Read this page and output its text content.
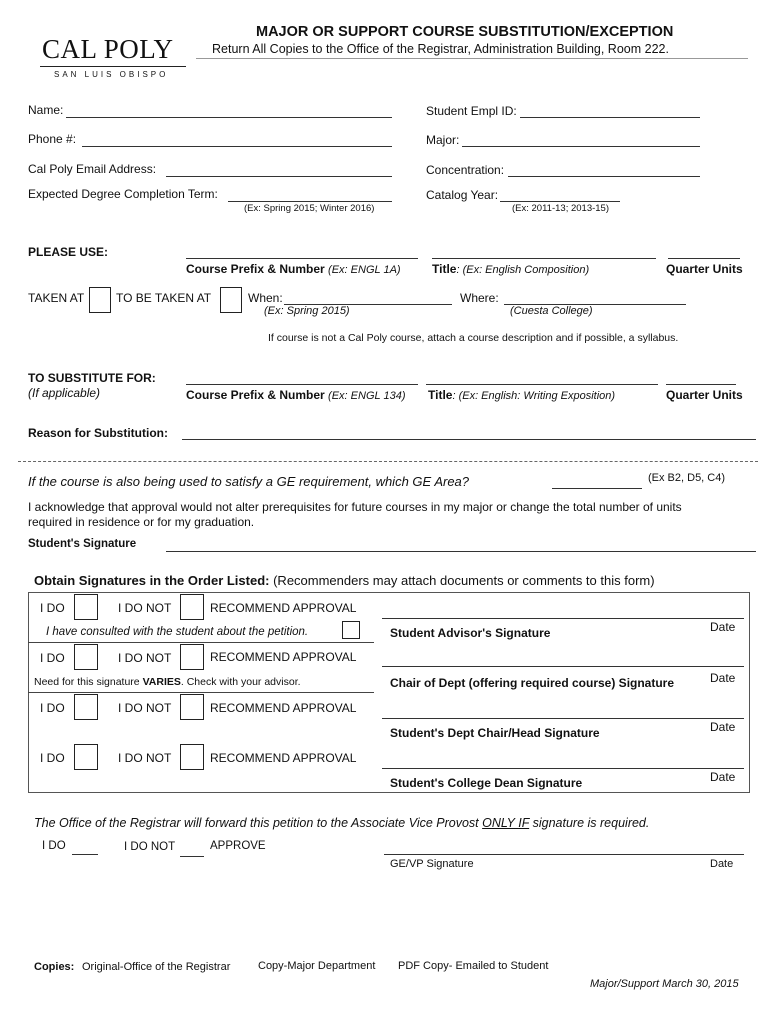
CAL POLY
SAN LUIS OBISPO
MAJOR OR SUPPORT COURSE SUBSTITUTION/EXCEPTION
Return All Copies to the Office of the Registrar, Administration Building, Room 222.
Name:	Student Empl ID:
Phone #:	Major:
Cal Poly Email Address:	Concentration:
Expected Degree Completion Term:
(Ex: Spring 2015; Winter 2016)
Catalog Year:
(Ex: 2011-13; 2013-15)
PLEASE USE:
Course Prefix & Number (Ex: ENGL 1A)	Title: (Ex: English Composition)	Quarter Units
TAKEN AT	TO BE TAKEN AT	When:
(Ex: Spring 2015)
Where:
(Cuesta College)
If course is not a Cal Poly course, attach a course description and if possible, a syllabus.
TO SUBSTITUTE FOR:
(If applicable)	Course Prefix & Number (Ex: ENGL 134) Title: (Ex: English: Writing Exposition)	Quarter Units
Reason for Substitution:
If the course is also being used to satisfy a GE requirement, which GE Area?	(Ex B2, D5, C4)
I acknowledge that approval would not alter prerequisites for future courses in my major or change the total number of units required in residence or for my graduation.
Student's Signature
Obtain Signatures in the Order Listed: (Recommenders may attach documents or comments to this form)
I DO	I DO NOT	RECOMMEND APPROVAL
I have consulted with the student about the petition.	Student Advisor's Signature	Date
I DO	I DO NOT	RECOMMEND APPROVAL
Need for this signature VARIES. Check with your advisor.	Chair of Dept (offering required course) Signature	Date
I DO	I DO NOT	RECOMMEND APPROVAL
Student's Dept Chair/Head Signature	Date
I DO	I DO NOT	RECOMMEND APPROVAL
Student's College Dean Signature	Date
The Office of the Registrar will forward this petition to the Associate Vice Provost ONLY IF signature is required.
I DO	I DO NOT	APPROVE
GE/VP Signature	Date
Copies: Original-Office of the Registrar	Copy-Major Department PDF Copy- Emailed to Student
Major/Support March 30, 2015
